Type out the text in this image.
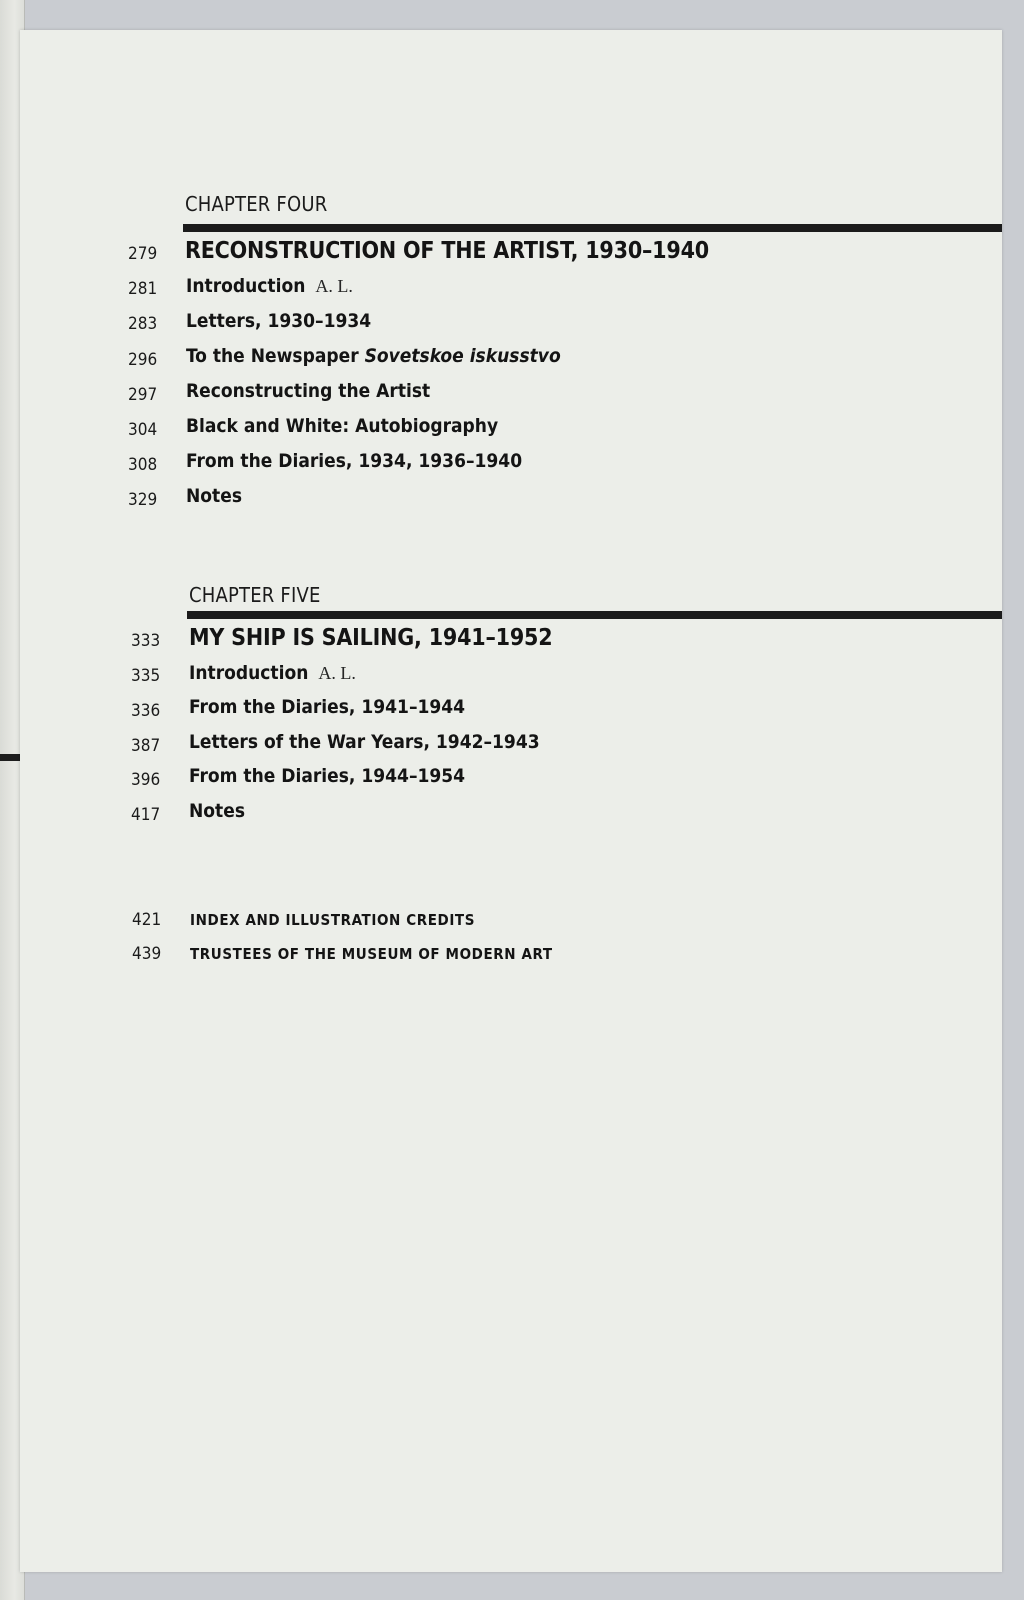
CHAPTER FOUR
279	RECONSTRUCTION OF THE ARTIST, 1930–1940
281	Introduction A. L.
283	Letters, 1930–1934
296	To the Newspaper Sovetskoe iskusstvo
297	Reconstructing the Artist
304	Black and White: Autobiography
308	From the Diaries, 1934, 1936–1940
329	Notes
CHAPTER FIVE
333	MY SHIP IS SAILING, 1941–1952
335	Introduction A. L.
336	From the Diaries, 1941–1944
387	Letters of the War Years, 1942–1943
396	From the Diaries, 1944–1954
417	Notes
421	INDEX AND ILLUSTRATION CREDITS
439	TRUSTEES OF THE MUSEUM OF MODERN ART
